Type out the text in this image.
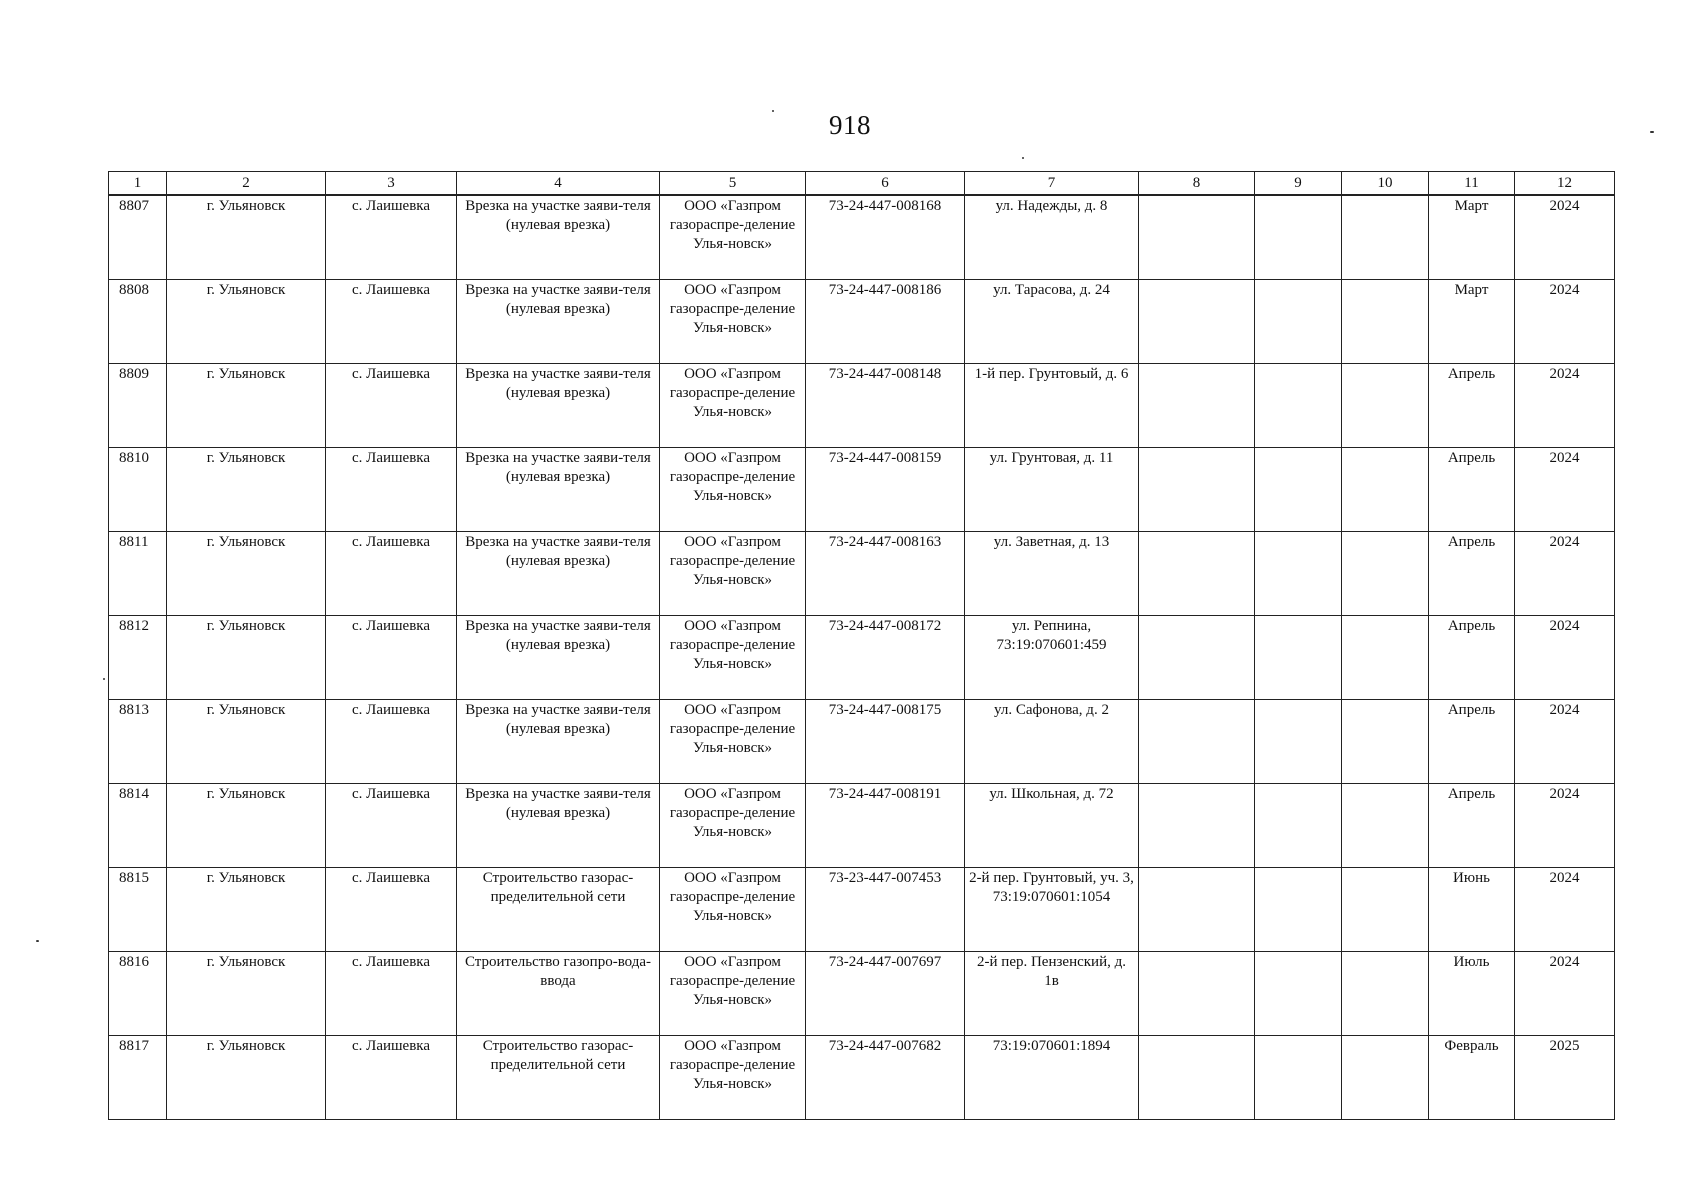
918
1	2	3	4	5	6	7	8	9	10	11	12
8807	г. Ульяновск	с. Лаишевка	Врезка на участке заяви-теля (нулевая врезка)	ООО «Газпром газораспре-деление Улья-новск»	73-24-447-008168	ул. Надежды, д. 8				Март	2024
8808	г. Ульяновск	с. Лаишевка	Врезка на участке заяви-теля (нулевая врезка)	ООО «Газпром газораспре-деление Улья-новск»	73-24-447-008186	ул. Тарасова, д. 24				Март	2024
8809	г. Ульяновск	с. Лаишевка	Врезка на участке заяви-теля (нулевая врезка)	ООО «Газпром газораспре-деление Улья-новск»	73-24-447-008148	1-й пер. Грунтовый, д. 6				Апрель	2024
8810	г. Ульяновск	с. Лаишевка	Врезка на участке заяви-теля (нулевая врезка)	ООО «Газпром газораспре-деление Улья-новск»	73-24-447-008159	ул. Грунтовая, д. 11				Апрель	2024
8811	г. Ульяновск	с. Лаишевка	Врезка на участке заяви-теля (нулевая врезка)	ООО «Газпром газораспре-деление Улья-новск»	73-24-447-008163	ул. Заветная, д. 13				Апрель	2024
8812	г. Ульяновск	с. Лаишевка	Врезка на участке заяви-теля (нулевая врезка)	ООО «Газпром газораспре-деление Улья-новск»	73-24-447-008172	ул. Репнина, 73:19:070601:459				Апрель	2024
8813	г. Ульяновск	с. Лаишевка	Врезка на участке заяви-теля (нулевая врезка)	ООО «Газпром газораспре-деление Улья-новск»	73-24-447-008175	ул. Сафонова, д. 2				Апрель	2024
8814	г. Ульяновск	с. Лаишевка	Врезка на участке заяви-теля (нулевая врезка)	ООО «Газпром газораспре-деление Улья-новск»	73-24-447-008191	ул. Школьная, д. 72				Апрель	2024
8815	г. Ульяновск	с. Лаишевка	Строительство газорас-пределительной сети	ООО «Газпром газораспре-деление Улья-новск»	73-23-447-007453	2-й пер. Грунтовый, уч. 3, 73:19:070601:1054				Июнь	2024
8816	г. Ульяновск	с. Лаишевка	Строительство газопро-вода-ввода	ООО «Газпром газораспре-деление Улья-новск»	73-24-447-007697	2-й пер. Пензенский, д. 1в				Июль	2024
8817	г. Ульяновск	с. Лаишевка	Строительство газорас-пределительной сети	ООО «Газпром газораспре-деление Улья-новск»	73-24-447-007682	73:19:070601:1894				Февраль	2025
